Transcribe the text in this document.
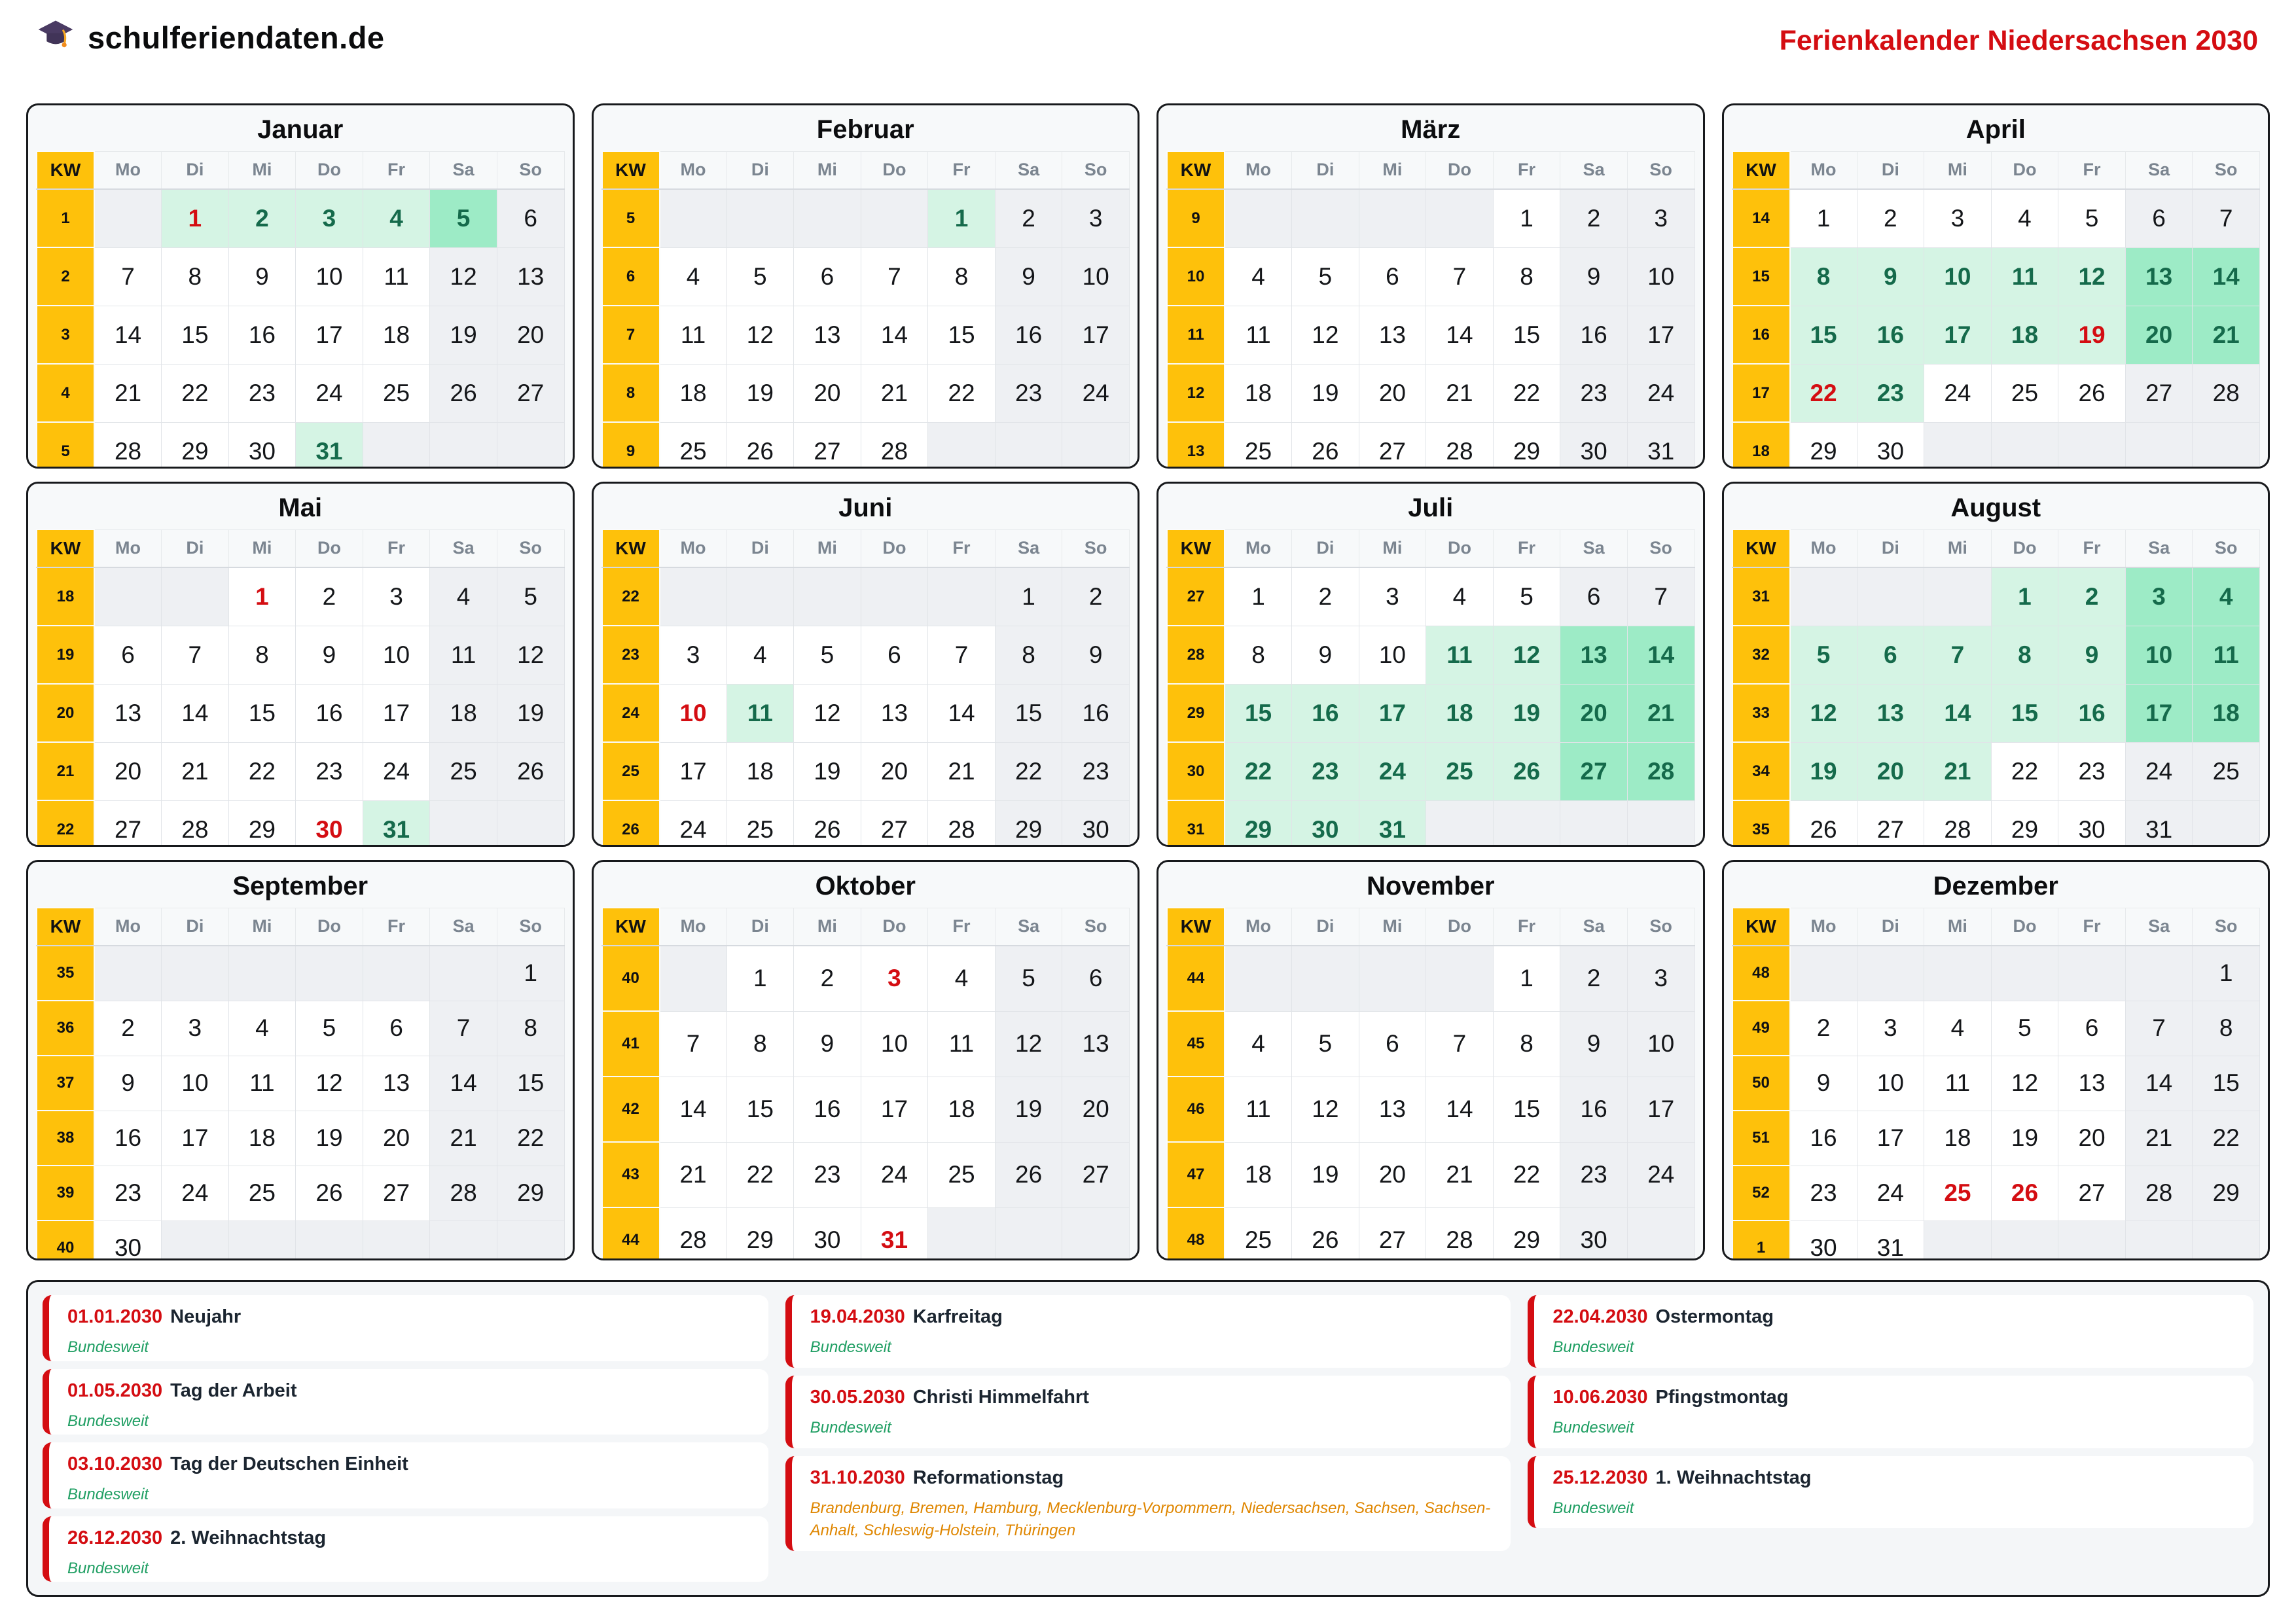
schulferiendaten.de	Ferienkalender Niedersachsen 2030
Januar
KW	Mo	Di	Mi	Do	Fr	Sa	So
1		1	2	3	4	5	6
2	7	8	9	10	11	12	13
3	14	15	16	17	18	19	20
4	21	22	23	24	25	26	27
5	28	29	30	31			
Februar
KW	Mo	Di	Mi	Do	Fr	Sa	So
5					1	2	3
6	4	5	6	7	8	9	10
7	11	12	13	14	15	16	17
8	18	19	20	21	22	23	24
9	25	26	27	28			
März
KW	Mo	Di	Mi	Do	Fr	Sa	So
9					1	2	3
10	4	5	6	7	8	9	10
11	11	12	13	14	15	16	17
12	18	19	20	21	22	23	24
13	25	26	27	28	29	30	31
April
KW	Mo	Di	Mi	Do	Fr	Sa	So
14	1	2	3	4	5	6	7
15	8	9	10	11	12	13	14
16	15	16	17	18	19	20	21
17	22	23	24	25	26	27	28
18	29	30					
Mai
KW	Mo	Di	Mi	Do	Fr	Sa	So
18			1	2	3	4	5
19	6	7	8	9	10	11	12
20	13	14	15	16	17	18	19
21	20	21	22	23	24	25	26
22	27	28	29	30	31		
Juni
KW	Mo	Di	Mi	Do	Fr	Sa	So
22						1	2
23	3	4	5	6	7	8	9
24	10	11	12	13	14	15	16
25	17	18	19	20	21	22	23
26	24	25	26	27	28	29	30
Juli
KW	Mo	Di	Mi	Do	Fr	Sa	So
27	1	2	3	4	5	6	7
28	8	9	10	11	12	13	14
29	15	16	17	18	19	20	21
30	22	23	24	25	26	27	28
31	29	30	31				
August
KW	Mo	Di	Mi	Do	Fr	Sa	So
31				1	2	3	4
32	5	6	7	8	9	10	11
33	12	13	14	15	16	17	18
34	19	20	21	22	23	24	25
35	26	27	28	29	30	31	
September
KW	Mo	Di	Mi	Do	Fr	Sa	So
35							1
36	2	3	4	5	6	7	8
37	9	10	11	12	13	14	15
38	16	17	18	19	20	21	22
39	23	24	25	26	27	28	29
40	30						
Oktober
KW	Mo	Di	Mi	Do	Fr	Sa	So
40		1	2	3	4	5	6
41	7	8	9	10	11	12	13
42	14	15	16	17	18	19	20
43	21	22	23	24	25	26	27
44	28	29	30	31			
November
KW	Mo	Di	Mi	Do	Fr	Sa	So
44					1	2	3
45	4	5	6	7	8	9	10
46	11	12	13	14	15	16	17
47	18	19	20	21	22	23	24
48	25	26	27	28	29	30	
Dezember
KW	Mo	Di	Mi	Do	Fr	Sa	So
48							1
49	2	3	4	5	6	7	8
50	9	10	11	12	13	14	15
51	16	17	18	19	20	21	22
52	23	24	25	26	27	28	29
1	30	31					
01.01.2030 Neujahr
Bundesweit
01.05.2030 Tag der Arbeit
Bundesweit
03.10.2030 Tag der Deutschen Einheit
Bundesweit
26.12.2030 2. Weihnachtstag
Bundesweit
19.04.2030 Karfreitag
Bundesweit
30.05.2030 Christi Himmelfahrt
Bundesweit
31.10.2030 Reformationstag
Brandenburg, Bremen, Hamburg, Mecklenburg-Vorpommern, Niedersachsen, Sachsen, Sachsen-Anhalt, Schleswig-Holstein, Thüringen
22.04.2030 Ostermontag
Bundesweit
10.06.2030 Pfingstmontag
Bundesweit
25.12.2030 1. Weihnachtstag
Bundesweit
